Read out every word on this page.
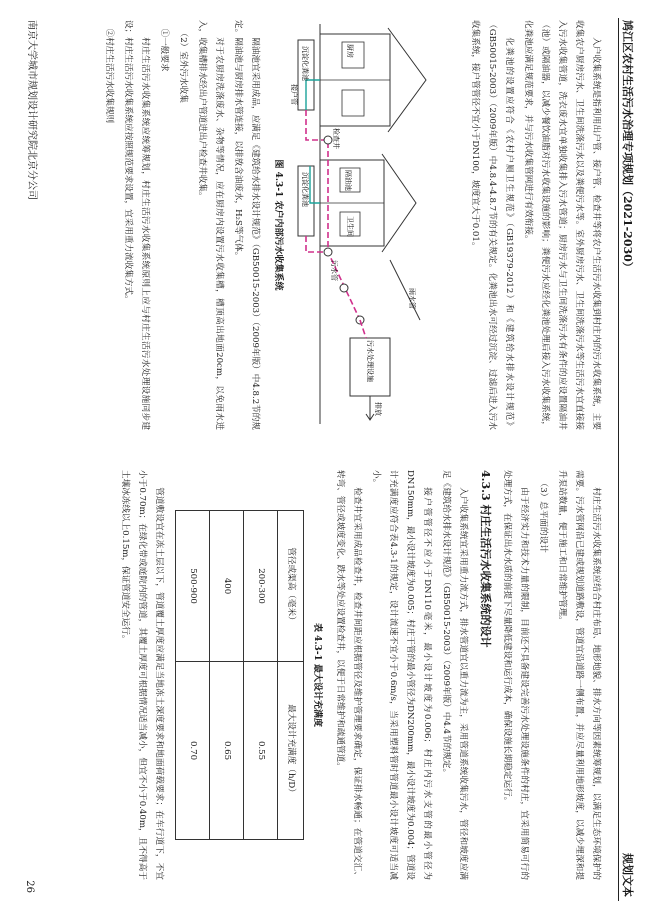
鸠江区农村生活污水治理专项规划（2021-2030）
规划文本

入户收集系统是指利用出户管、接户管、检查井等将农户生活污水收集到村庄内的污水收集系统，主要收集农户厨房污水、卫生间洗涤污水以及粪便污水等。室外厨房污水、卫生间洗涤污水等生活污水宜直接接入污水收集管道，洗衣废水宜单独收集排入污水管道；厨房污水与卫生间洗涤污水有条件的应设置隔油井（池）或隔油器，以减少餐饮油脂对污水收集设施的影响；粪便污水应经化粪池处理后接入污水收集系统，化粪池应满足规范要求，并与污水收集管网进行有效衔接。

化粪池的设置应符合《农村户厕卫生规范》（GB19379-2012）和《建筑给水排水设计规范》（GB50015-2003）（2009年版）中4.8.4-4.8.7节的有关规定。化粪池出水可经过沉淀、过滤后进入污水收集系统，接户管管径不宜小于DN100，坡度宜大于0.01。

厨房
卫生间
沉淀化粪池
沉淀化粪池	隔油池
检查井
雨水管
接户管
污水管
污水处理设施
排放
图 4.3-1 农户内部污水收集系统

隔油池宜采用成品，应满足《建筑给水排水设计规范》（GB50015-2003）（2009年版）中4.8.2节的规定。隔油池与厨房排水管连接，以排放含油废水，H₂S等气体。

对于农厨房洗涤废水、杂物等情况，应在厨房内设置污水收集槽，槽顶高出地面20cm，以免雨水进入，收集槽排水经出户管道进出户检查井收集。

（2）室外污水收集

①一般要求

村庄生活污水收集系统应统筹规划，村庄生活污水收集系统原则上应与村庄生活污水处理设施同步建设；村庄生活污水收集系统应按照规范要求设置，宜采用重力流收集方式。

②村庄生活污水收集规则

村庄生活污水收集系统应结合村庄布局、地形地貌、排水方向等因素统筹规划，以满足生态环境保护的需要。污水管网沿已建或规划道路敷设，管道宜沿道路一侧布置，并应尽量利用地形坡度，以减少埋深和提升泵站数量，便于施工和日常维护管理。

（3）总平面的设计

由于经济实力和技术力量的限制，目前还不具备建设完善污水处理设施条件的村庄，宜采用简易可行的处理方式，在保证出水水质的前提下尽量降低建设和运行成本，确保设施长期稳定运行。

4.3.3 村庄生活污水收集系统的设计

入户收集系统宜采用重力流方式，排水管道宜以重力流为主，采用管道系统收集污水，管径和坡度应满足《建筑给水排水设计规范》（GB50015-2003）（2009年版）中4.4节的规定。

接户管管径不应小于DN110毫米，最小设计坡度为0.006；村庄内污水支管的最小管径为DN150mm，最小设计坡度为0.005；村庄干管的最小管径为DN200mm，最小设计坡度为0.004；管道设计充满度应符合表4.3-1的规定，设计流速不宜小于0.6m/s，当采用塑料管时管道最小设计坡度可适当减小。

检查井宜采用成品检查井，检查井间距应根据管径及维护管理要求确定，保证排水畅通；在管道交汇、转弯、管径或坡度变化、跌水等处应设置检查井，以便于日常维护和疏通管道。

表 4.3-1 最大设计充满度
管径或渠高（毫米）	最大设计充满度（h/D）
200-300	0.55
400	0.65
500-900	0.70

管道敷设宜在冻土层以下，管道覆土厚度应满足当地冻土深度要求和地面荷载要求；在车行道下，不宜小于0.70m；在绿化带或庭院内的管道，其覆土厚度可根据情况适当减小，但宜不小于0.40m，且不得高于土壤冰冻线以上0.15m，保证管道安全运行。

26
南京大学城市规划设计研究院北京分公司
